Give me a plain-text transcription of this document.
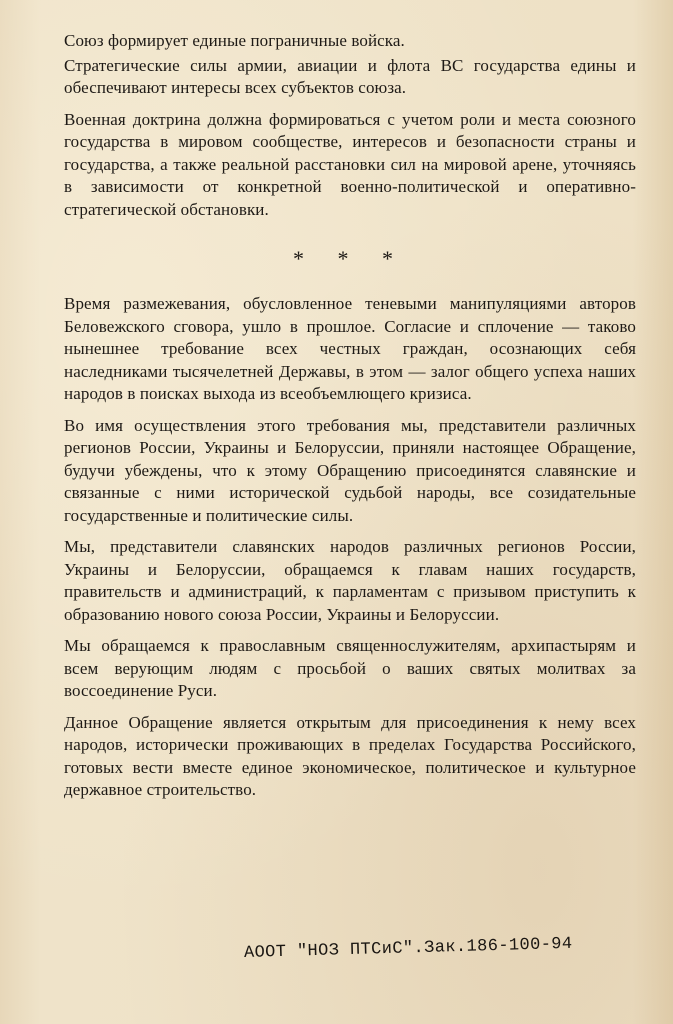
Союз формирует единые пограничные войска.

Стратегические силы армии, авиации и флота ВС государства едины и обеспечивают интересы всех субъектов союза.

Военная доктрина должна формироваться с учетом роли и места союзного государства в мировом сообществе, интересов и безопасности страны и государства, а также реальной расстановки сил на мировой арене, уточняясь в зависимости от конкретной военно-политической и оперативно-стратегической обстановки.

* * *

Время размежевания, обусловленное теневыми манипуляциями авторов Беловежского сговора, ушло в прошлое. Согласие и сплочение — таково нынешнее требование всех честных граждан, осознающих себя наследниками тысячелетней Державы, в этом — залог общего успеха наших народов в поисках выхода из всеобъемлющего кризиса.

Во имя осуществления этого требования мы, представители различных регионов России, Украины и Белоруссии, приняли настоящее Обращение, будучи убеждены, что к этому Обращению присоединятся славянские и связанные с ними исторической судьбой народы, все созидательные государственные и политические силы.

Мы, представители славянских народов различных регионов России, Украины и Белоруссии, обращаемся к главам наших государств, правительств и администраций, к парламентам с призывом приступить к образованию нового союза России, Украины и Белоруссии.

Мы обращаемся к православным священнослужителям, архипастырям и всем верующим людям с просьбой о ваших святых молитвах за воссоединение Руси.

Данное Обращение является открытым для присоединения к нему всех народов, исторически проживающих в пределах Государства Российского, готовых вести вместе единое экономическое, политическое и культурное державное строительство.

АООТ "НОЗ ПТСиС".Зак.186-100-94
